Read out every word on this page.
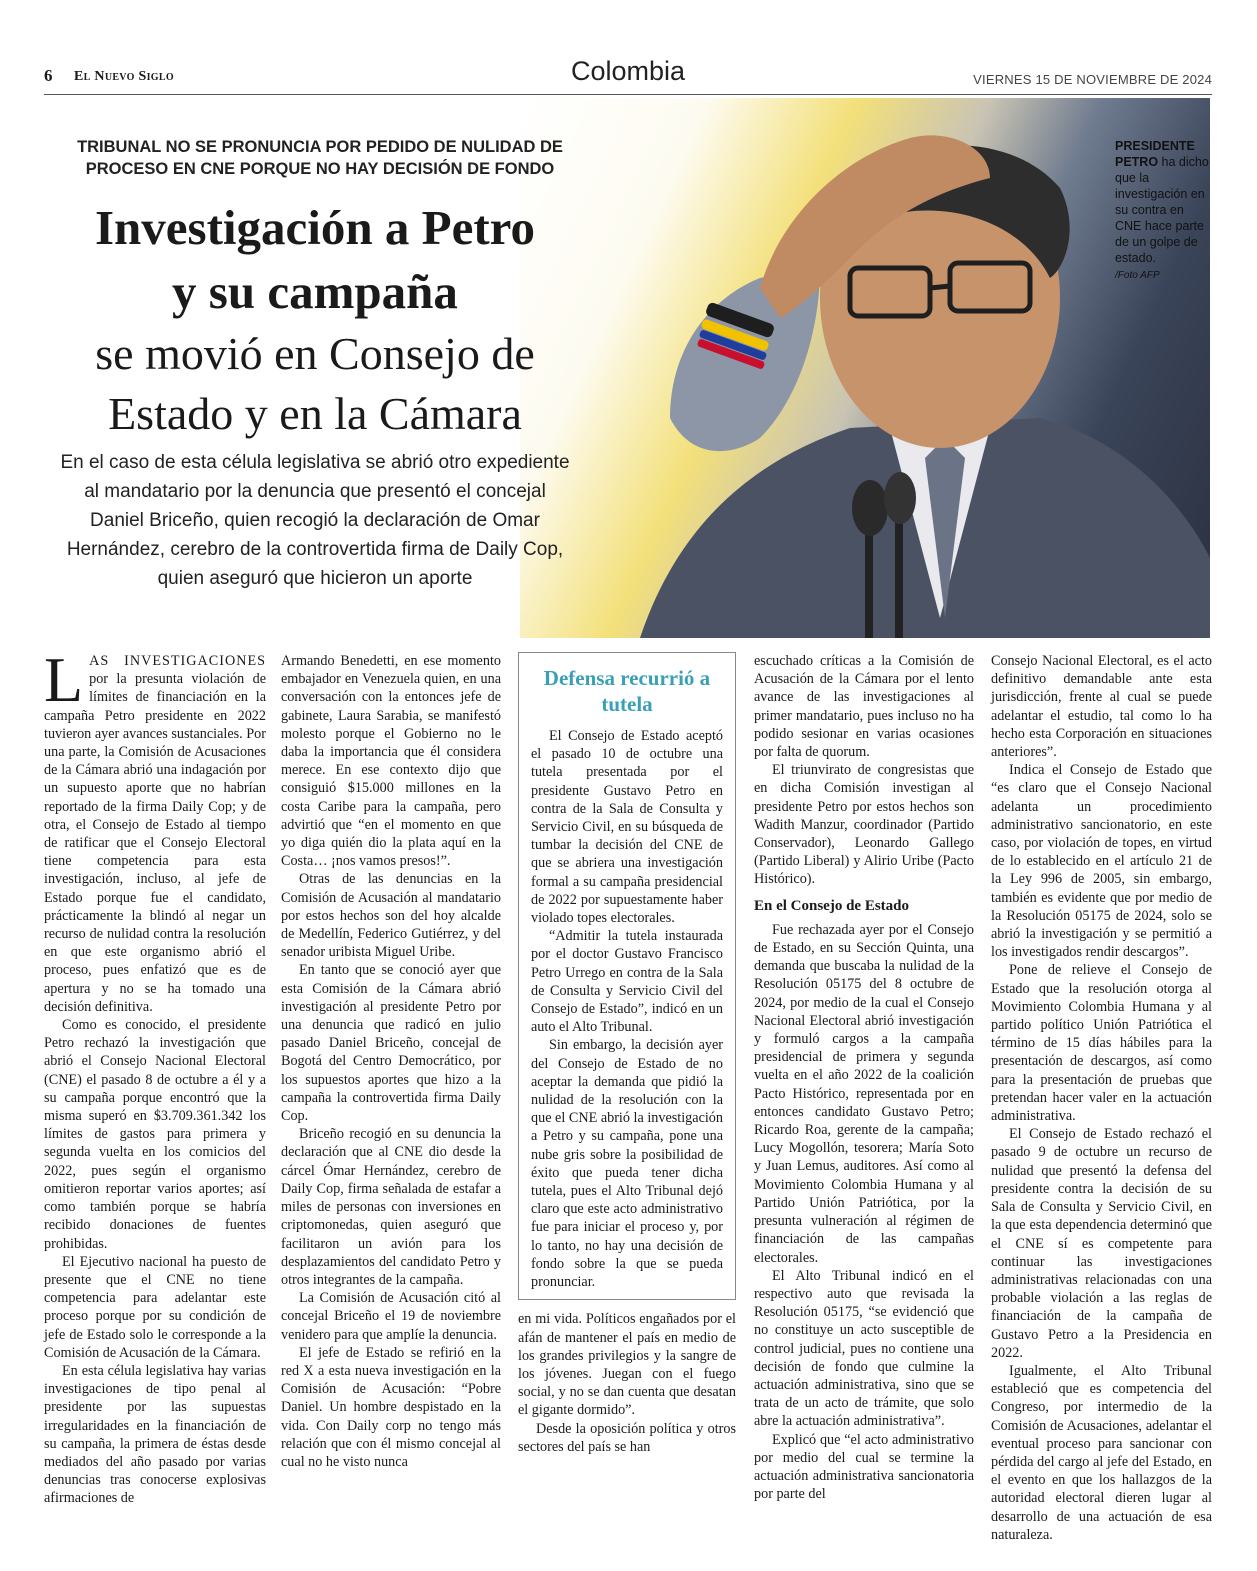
6 El Nuevo Siglo	Colombia	VIERNES 15 DE NOVIEMBRE DE 2024
PRESIDENTE PETRO ha dicho que la investigación en su contra en CNE hace parte de un golpe de estado.
/Foto AFP
TRIBUNAL NO SE PRONUNCIA POR PEDIDO DE NULIDAD DE PROCESO EN CNE PORQUE NO HAY DECISIÓN DE FONDO
Investigación a Petro
y su campaña
se movió en Consejo de
Estado y en la Cámara
En el caso de esta célula legislativa se abrió otro expediente al mandatario por la denuncia que presentó el concejal Daniel Briceño, quien recogió la declaración de Omar Hernández, cerebro de la controvertida firma de Daily Cop, quien aseguró que hicieron un aporte

LAS INVESTIGACIONES por la presunta violación de límites de financiación en la campaña Petro presidente en 2022 tuvieron ayer avances sustanciales. Por una parte, la Comisión de Acusaciones de la Cámara abrió una indagación por un supuesto aporte que no habrían reportado de la firma Daily Cop; y de otra, el Consejo de Estado al tiempo de ratificar que el Consejo Electoral tiene competencia para esta investigación, incluso, al jefe de Estado porque fue el candidato, prácticamente la blindó al negar un recurso de nulidad contra la resolución en que este organismo abrió el proceso, pues enfatizó que es de apertura y no se ha tomado una decisión definitiva.

Como es conocido, el presidente Petro rechazó la investigación que abrió el Consejo Nacional Electoral (CNE) el pasado 8 de octubre a él y a su campaña porque encontró que la misma superó en $3.709.361.342 los límites de gastos para primera y segunda vuelta en los comicios del 2022, pues según el organismo omitieron reportar varios aportes; así como también porque se habría recibido donaciones de fuentes prohibidas.

El Ejecutivo nacional ha puesto de presente que el CNE no tiene competencia para adelantar este proceso porque por su condición de jefe de Estado solo le corresponde a la Comisión de Acusación de la Cámara.

En esta célula legislativa hay varias investigaciones de tipo penal al presidente por las supuestas irregularidades en la financiación de su campaña, la primera de éstas desde mediados del año pasado por varias denuncias tras conocerse explosivas afirmaciones de

Armando Benedetti, en ese momento embajador en Venezuela quien, en una conversación con la entonces jefe de gabinete, Laura Sarabia, se manifestó molesto porque el Gobierno no le daba la importancia que él considera merece. En ese contexto dijo que consiguió $15.000 millones en la costa Caribe para la campaña, pero advirtió que “en el momento en que yo diga quién dio la plata aquí en la Costa… ¡nos vamos presos!”.

Otras de las denuncias en la Comisión de Acusación al mandatario por estos hechos son del hoy alcalde de Medellín, Federico Gutiérrez, y del senador uribista Miguel Uribe.

En tanto que se conoció ayer que esta Comisión de la Cámara abrió investigación al presidente Petro por una denuncia que radicó en julio pasado Daniel Briceño, concejal de Bogotá del Centro Democrático, por los supuestos aportes que hizo a la campaña la controvertida firma Daily Cop.

Briceño recogió en su denuncia la declaración que al CNE dio desde la cárcel Ómar Hernández, cerebro de Daily Cop, firma señalada de estafar a miles de personas con inversiones en criptomonedas, quien aseguró que facilitaron un avión para los desplazamientos del candidato Petro y otros integrantes de la campaña.

La Comisión de Acusación citó al concejal Briceño el 19 de noviembre venidero para que amplíe la denuncia.

El jefe de Estado se refirió en la red X a esta nueva investigación en la Comisión de Acusación: “Pobre Daniel. Un hombre despistado en la vida. Con Daily corp no tengo más relación que con él mismo concejal al cual no he visto nunca

Defensa recurrió a tutela

El Consejo de Estado aceptó el pasado 10 de octubre una tutela presentada por el presidente Gustavo Petro en contra de la Sala de Consulta y Servicio Civil, en su búsqueda de tumbar la decisión del CNE de que se abriera una investigación formal a su campaña presidencial de 2022 por supuestamente haber violado topes electorales.

“Admitir la tutela instaurada por el doctor Gustavo Francisco Petro Urrego en contra de la Sala de Consulta y Servicio Civil del Consejo de Estado”, indicó en un auto el Alto Tribunal.

Sin embargo, la decisión ayer del Consejo de Estado de no aceptar la demanda que pidió la nulidad de la resolución con la que el CNE abrió la investigación a Petro y su campaña, pone una nube gris sobre la posibilidad de éxito que pueda tener dicha tutela, pues el Alto Tribunal dejó claro que este acto administrativo fue para iniciar el proceso y, por lo tanto, no hay una decisión de fondo sobre la que se pueda pronunciar.

en mi vida. Políticos engañados por el afán de mantener el país en medio de los grandes privilegios y la sangre de los jóvenes. Juegan con el fuego social, y no se dan cuenta que desatan el gigante dormido”.

Desde la oposición política y otros sectores del país se han

escuchado críticas a la Comisión de Acusación de la Cámara por el lento avance de las investigaciones al primer mandatario, pues incluso no ha podido sesionar en varias ocasiones por falta de quorum.

El triunvirato de congresistas que en dicha Comisión investigan al presidente Petro por estos hechos son Wadith Manzur, coordinador (Partido Conservador), Leonardo Gallego (Partido Liberal) y Alirio Uribe (Pacto Histórico).

En el Consejo de Estado

Fue rechazada ayer por el Consejo de Estado, en su Sección Quinta, una demanda que buscaba la nulidad de la Resolución 05175 del 8 octubre de 2024, por medio de la cual el Consejo Nacional Electoral abrió investigación y formuló cargos a la campaña presidencial de primera y segunda vuelta en el año 2022 de la coalición Pacto Histórico, representada por en entonces candidato Gustavo Petro; Ricardo Roa, gerente de la campaña; Lucy Mogollón, tesorera; María Soto y Juan Lemus, auditores. Así como al Movimiento Colombia Humana y al Partido Unión Patriótica, por la presunta vulneración al régimen de financiación de las campañas electorales.

El Alto Tribunal indicó en el respectivo auto que revisada la Resolución 05175, “se evidenció que no constituye un acto susceptible de control judicial, pues no contiene una decisión de fondo que culmine la actuación administrativa, sino que se trata de un acto de trámite, que solo abre la actuación administrativa”.

Explicó que “el acto administrativo por medio del cual se termine la actuación administrativa sancionatoria por parte del

Consejo Nacional Electoral, es el acto definitivo demandable ante esta jurisdicción, frente al cual se puede adelantar el estudio, tal como lo ha hecho esta Corporación en situaciones anteriores”.

Indica el Consejo de Estado que “es claro que el Consejo Nacional adelanta un procedimiento administrativo sancionatorio, en este caso, por violación de topes, en virtud de lo establecido en el artículo 21 de la Ley 996 de 2005, sin embargo, también es evidente que por medio de la Resolución 05175 de 2024, solo se abrió la investigación y se permitió a los investigados rendir descargos”.

Pone de relieve el Consejo de Estado que la resolución otorga al Movimiento Colombia Humana y al partido político Unión Patriótica el término de 15 días hábiles para la presentación de descargos, así como para la presentación de pruebas que pretendan hacer valer en la actuación administrativa.

El Consejo de Estado rechazó el pasado 9 de octubre un recurso de nulidad que presentó la defensa del presidente contra la decisión de su Sala de Consulta y Servicio Civil, en la que esta dependencia determinó que el CNE sí es competente para continuar las investigaciones administrativas relacionadas con una probable violación a las reglas de financiación de la campaña de Gustavo Petro a la Presidencia en 2022.

Igualmente, el Alto Tribunal estableció que es competencia del Congreso, por intermedio de la Comisión de Acusaciones, adelantar el eventual proceso para sancionar con pérdida del cargo al jefe del Estado, en el evento en que los hallazgos de la autoridad electoral dieren lugar al desarrollo de una actuación de esa naturaleza.
